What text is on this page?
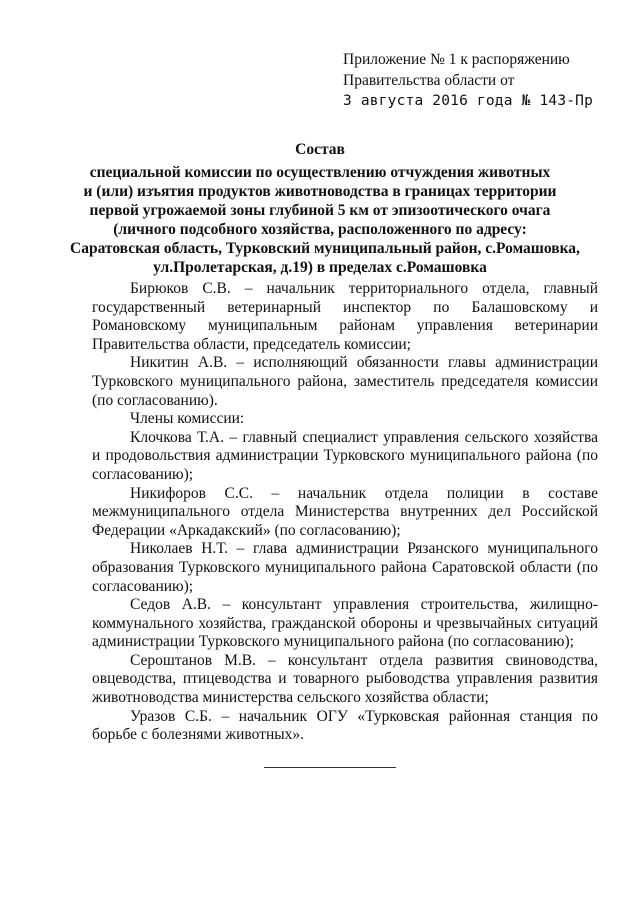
Приложение № 1 к распоряжению
Правительства области от
3 августа 2016 года № 143-Пр
Состав
специальной комиссии по осуществлению отчуждения животных
и (или) изъятия продуктов животноводства в границах территории
первой угрожаемой зоны глубиной 5 км от эпизоотического очага
(личного подсобного хозяйства, расположенного по адресу:
Саратовская область, Турковский муниципальный район, с.Ромашовка,
ул.Пролетарская, д.19) в пределах с.Ромашовка

Бирюков С.В. – начальник территориального отдела, главный государственный ветеринарный инспектор по Балашовскому и Романовскому муниципальным районам управления ветеринарии Правительства области, председатель комиссии;

Никитин А.В. – исполняющий обязанности главы администрации Турковского муниципального района, заместитель председателя комиссии (по согласованию).

Члены комиссии:

Клочкова Т.А. – главный специалист управления сельского хозяйства и продовольствия администрации Турковского муниципального района (по согласованию);

Никифоров С.С. – начальник отдела полиции в составе межмуниципального отдела Министерства внутренних дел Российской Федерации «Аркадакский» (по согласованию);

Николаев Н.Т. – глава администрации Рязанского муниципального образования Турковского муниципального района Саратовской области (по согласованию);

Седов А.В. – консультант управления строительства, жилищно-коммунального хозяйства, гражданской обороны и чрезвычайных ситуаций администрации Турковского муниципального района (по согласованию);

Сероштанов М.В. – консультант отдела развития свиноводства, овцеводства, птицеводства и товарного рыбоводства управления развития животноводства министерства сельского хозяйства области;

Уразов С.Б. – начальник ОГУ «Турковская районная станция по борьбе с болезнями животных».
